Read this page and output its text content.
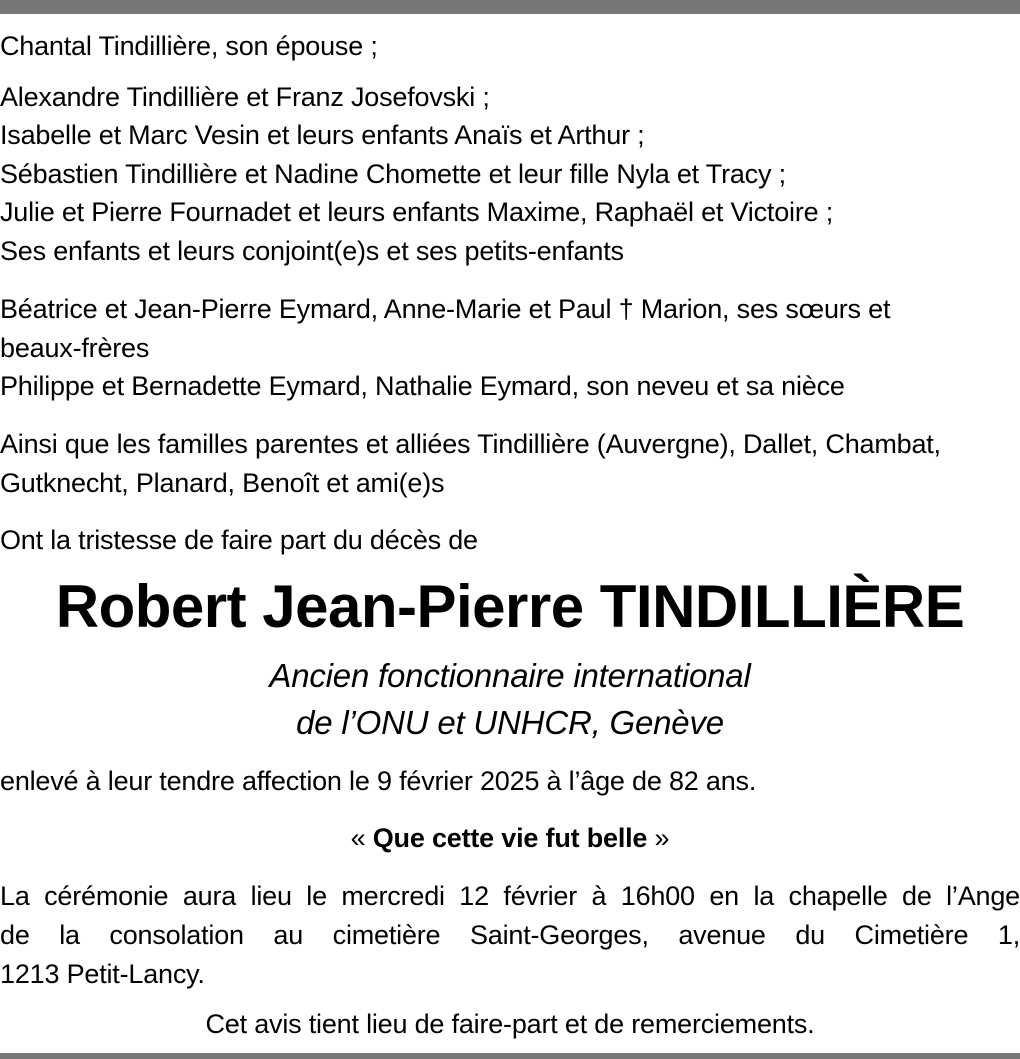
Chantal Tindillière, son épouse ;
Alexandre Tindillière et Franz Josefovski ;
Isabelle et Marc Vesin et leurs enfants Anaïs et Arthur ;
Sébastien Tindillière et Nadine Chomette et leur fille Nyla et Tracy ;
Julie et Pierre Fournadet et leurs enfants Maxime, Raphaël et Victoire ;
Ses enfants et leurs conjoint(e)s et ses petits-enfants
Béatrice et Jean-Pierre Eymard, Anne-Marie et Paul † Marion, ses sœurs et
beaux-frères
Philippe et Bernadette Eymard, Nathalie Eymard, son neveu et sa nièce
Ainsi que les familles parentes et alliées Tindillière (Auvergne), Dallet, Chambat,
Gutknecht, Planard, Benoît et ami(e)s
Ont la tristesse de faire part du décès de
Robert Jean-Pierre TINDILLIÈRE
Ancien fonctionnaire international
de l’ONU et UNHCR, Genève
enlevé à leur tendre affection le 9 février 2025 à l’âge de 82 ans.
« Que cette vie fut belle »
La cérémonie aura lieu le mercredi 12 février à 16h00 en la chapelle de l’Ange
de la consolation au cimetière Saint-Georges, avenue du Cimetière 1,
1213 Petit-Lancy.
Cet avis tient lieu de faire-part et de remerciements.
